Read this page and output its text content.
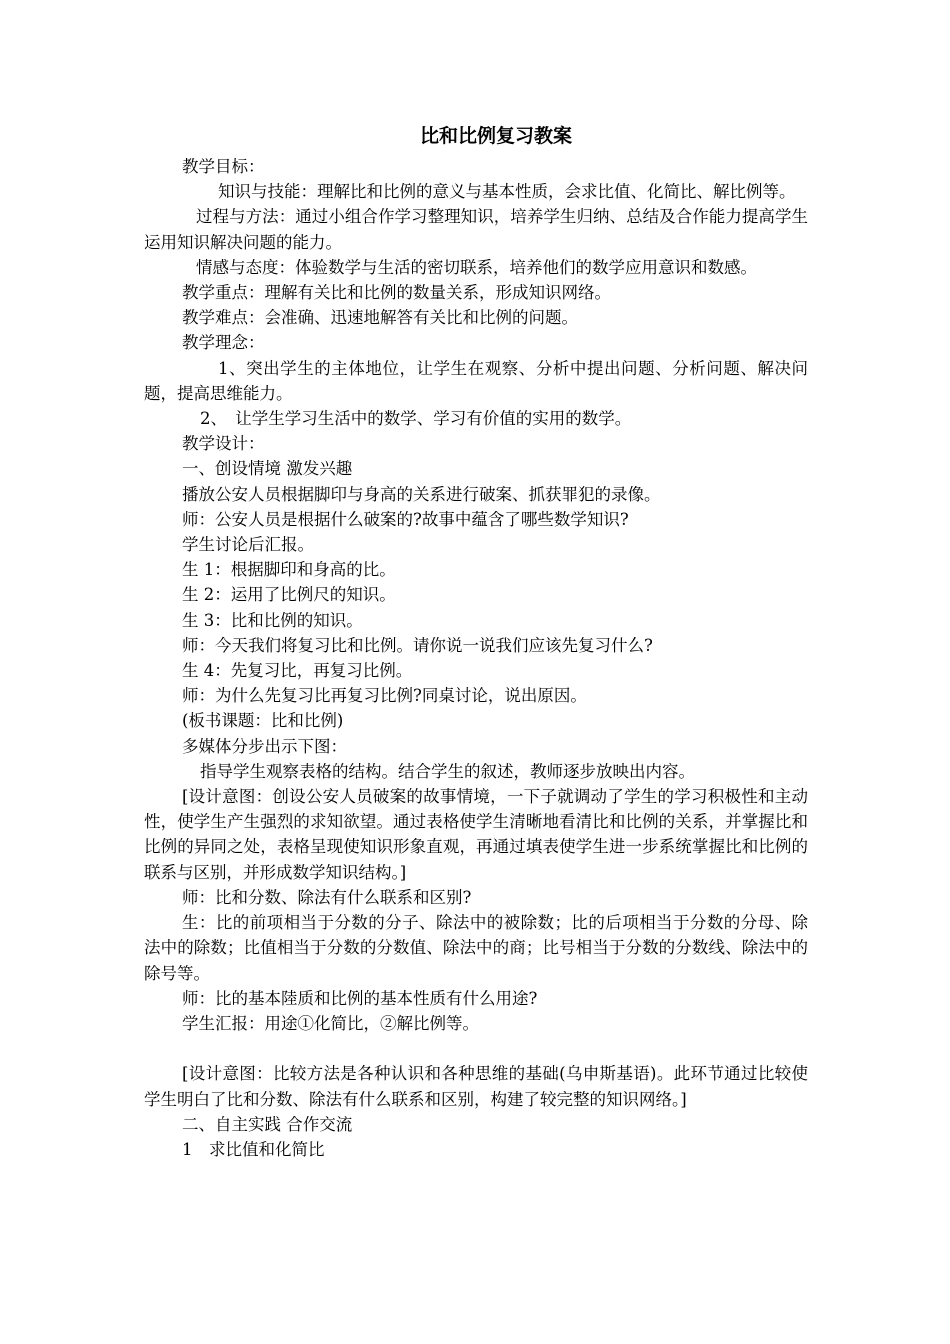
比和比例复习教案

教学目标：

知识与技能：理解比和比例的意义与基本性质，会求比值、化简比、解比例等。

过程与方法：通过小组合作学习整理知识，培养学生归纳、总结及合作能力提高学生运用知识解决问题的能力。

情感与态度：体验数学与生活的密切联系，培养他们的数学应用意识和数感。

教学重点：理解有关比和比例的数量关系，形成知识网络。

教学难点：会准确、迅速地解答有关比和比例的问题。

教学理念：

1、突出学生的主体地位，让学生在观察、分析中提出问题、分析问题、解决问题，提高思维能力。

2、　让学生学习生活中的数学、学习有价值的实用的数学。

教学设计：

一、创设情境 激发兴趣

播放公安人员根据脚印与身高的关系进行破案、抓获罪犯的录像。

师：公安人员是根据什么破案的?故事中蕴含了哪些数学知识?

学生讨论后汇报。

生 1：根据脚印和身高的比。

生 2：运用了比例尺的知识。

生 3：比和比例的知识。

师：今天我们将复习比和比例。请你说一说我们应该先复习什么?

生 4：先复习比，再复习比例。

师：为什么先复习比再复习比例?同桌讨论，说出原因。

(板书课题：比和比例)

多媒体分步出示下图：

指导学生观察表格的结构。结合学生的叙述，教师逐步放映出内容。

[设计意图：创设公安人员破案的故事情境，一下子就调动了学生的学习积极性和主动性，使学生产生强烈的求知欲望。通过表格使学生清晰地看清比和比例的关系，并掌握比和比例的异同之处，表格呈现使知识形象直观，再通过填表使学生进一步系统掌握比和比例的联系与区别，并形成数学知识结构。]

师：比和分数、除法有什么联系和区别?

生：比的前项相当于分数的分子、除法中的被除数；比的后项相当于分数的分母、除法中的除数；比值相当于分数的分数值、除法中的商；比号相当于分数的分数线、除法中的除号等。

师：比的基本陸质和比例的基本性质有什么用途?

学生汇报：用途①化简比，②解比例等。

[设计意图：比较方法是各种认识和各种思维的基础(乌申斯基语)。此环节通过比较使学生明白了比和分数、除法有什么联系和区别，构建了较完整的知识网络。]

二、自主实践 合作交流

1　求比值和化简比
